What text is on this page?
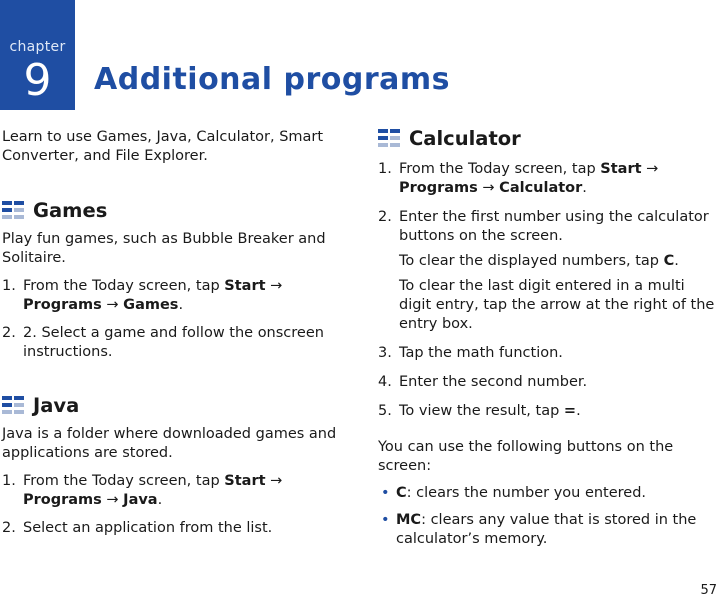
chapter
9	Additional programs

Learn to use Games, Java, Calculator, Smart Converter, and File Explorer.

Games

Play fun games, such as Bubble Breaker and Solitaire.

1. From the Today screen, tap Start → Programs → Games.
2. 2. Select a game and follow the onscreen instructions.
Java

Java is a folder where downloaded games and applications are stored.

1. From the Today screen, tap Start → Programs → Java.
2. Select an application from the list.
Calculator
1. From the Today screen, tap Start → Programs → Calculator.
2. Enter the first number using the calculator buttons on the screen.

To clear the displayed numbers, tap C.

To clear the last digit entered in a multi digit entry, tap the arrow at the right of the entry box.

3. Tap the math function.
4. Enter the second number.
5. To view the result, tap =.

You can use the following buttons on the screen:

• C: clears the number you entered.
• MC: clears any value that is stored in the calculator’s memory.
57
